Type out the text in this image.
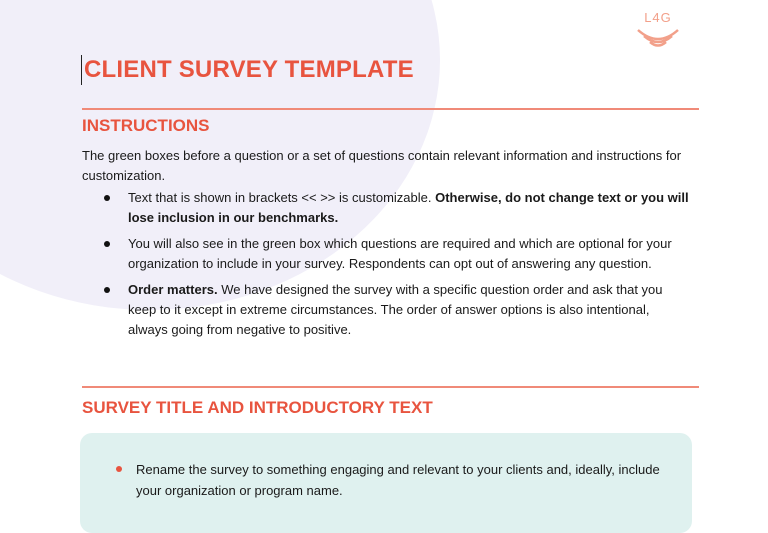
L4G
CLIENT SURVEY TEMPLATE
INSTRUCTIONS

The green boxes before a question or a set of questions contain relevant information and instructions for customization.

Text that is shown in brackets << >> is customizable. Otherwise, do not change text or you will lose inclusion in our benchmarks.
You will also see in the green box which questions are required and which are optional for your organization to include in your survey. Respondents can opt out of answering any question.
Order matters. We have designed the survey with a specific question order and ask that you keep to it except in extreme circumstances. The order of answer options is also intentional, always going from negative to positive.
SURVEY TITLE AND INTRODUCTORY TEXT
Rename the survey to something engaging and relevant to your clients and, ideally, include your organization or program name.
